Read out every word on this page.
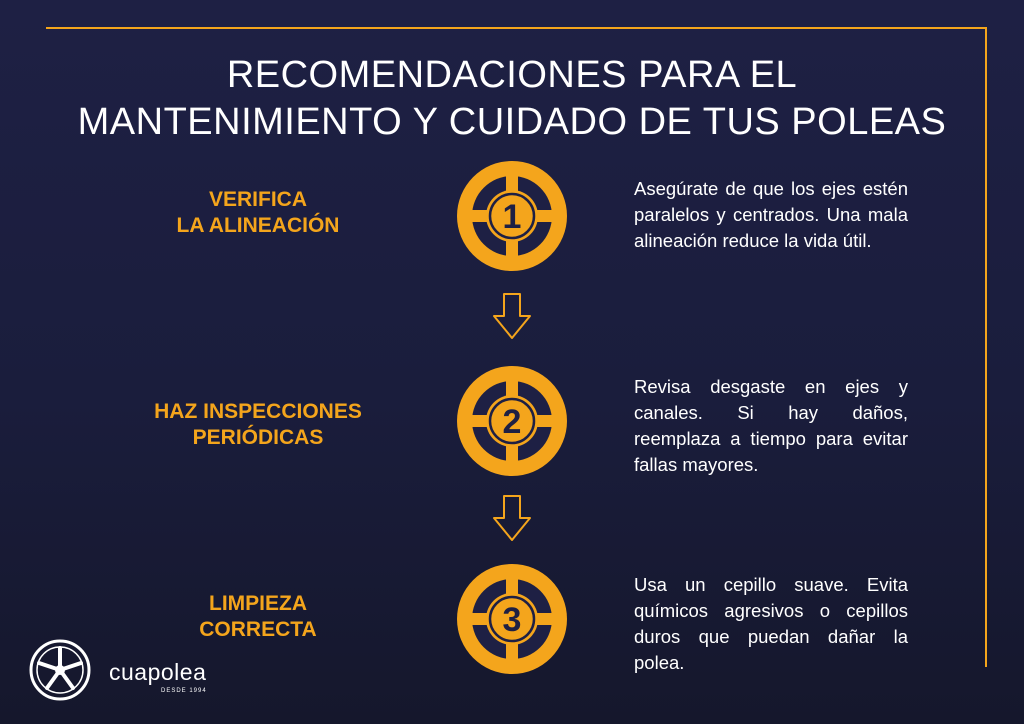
RECOMENDACIONES PARA EL
MANTENIMIENTO Y CUIDADO DE TUS POLEAS
VERIFICA
LA ALINEACIÓN	1
Asegúrate de que los ejes estén paralelos y centrados. Una mala alineación reduce la vida útil.
HAZ INSPECCIONES
PERIÓDICAS	2
Revisa desgaste en ejes y canales. Si hay daños, reemplaza a tiempo para evitar fallas mayores.
LIMPIEZA
CORRECTA	3
Usa un cepillo suave. Evita químicos agresivos o cepillos duros que puedan dañar la polea.
cuapolea
DESDE 1994
